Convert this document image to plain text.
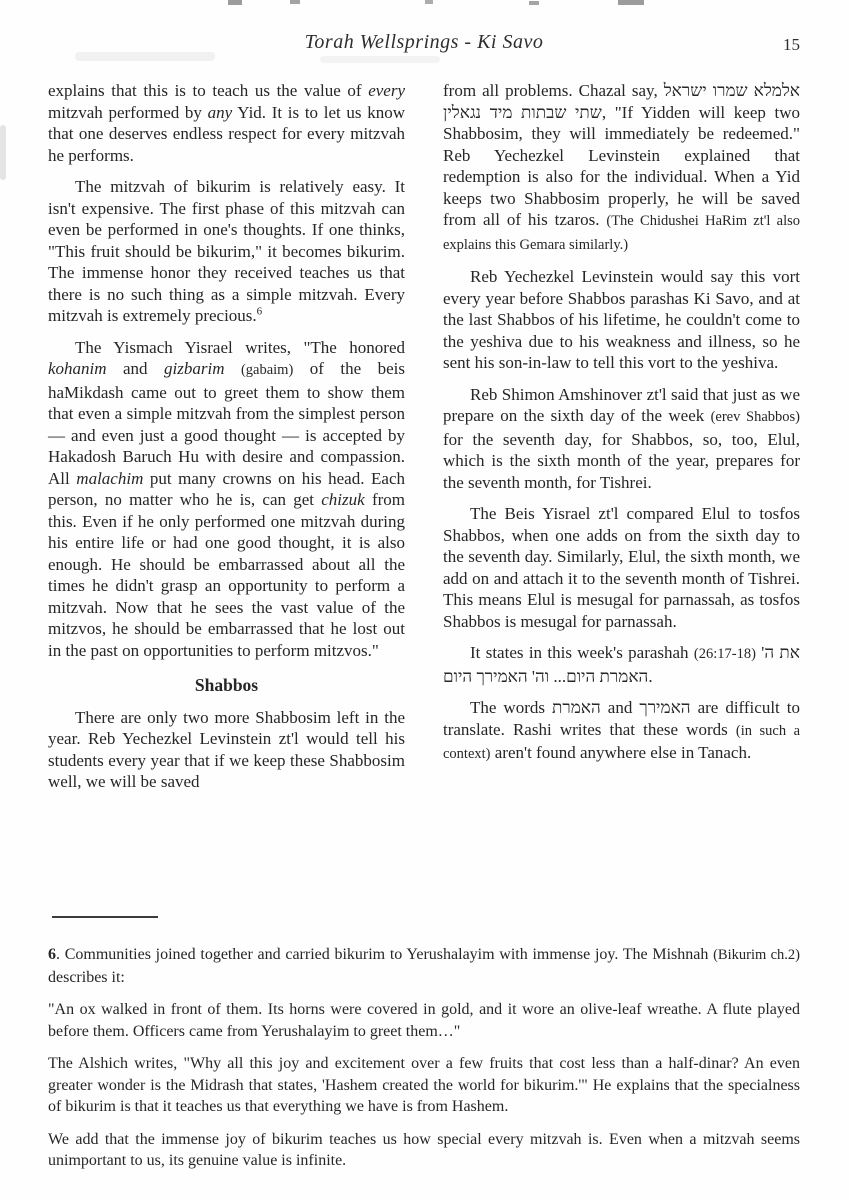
Torah Wellsprings - Ki Savo	15

explains that this is to teach us the value of every mitzvah performed by any Yid. It is to let us know that one deserves endless respect for every mitzvah he performs.

The mitzvah of bikurim is relatively easy. It isn't expensive. The first phase of this mitzvah can even be performed in one's thoughts. If one thinks, "This fruit should be bikurim," it becomes bikurim. The immense honor they received teaches us that there is no such thing as a simple mitzvah. Every mitzvah is extremely precious.$^6$

The Yismach Yisrael writes, "The honored kohanim and gizbarim (gabaim) of the beis haMikdash came out to greet them to show them that even a simple mitzvah from the simplest person — and even just a good thought — is accepted by Hakadosh Baruch Hu with desire and compassion. All malachim put many crowns on his head. Each person, no matter who he is, can get chizuk from this. Even if he only performed one mitzvah during his entire life or had one good thought, it is also enough. He should be embarrassed about all the times he didn't grasp an opportunity to perform a mitzvah. Now that he sees the vast value of the mitzvos, he should be embarrassed that he lost out in the past on opportunities to perform mitzvos."

Shabbos

There are only two more Shabbosim left in the year. Reb Yechezkel Levinstein zt'l would tell his students every year that if we keep these Shabbosim well, we will be saved

from all problems. Chazal say, אלמלא שמרו ישראל שתי שבתות מיד נגאלין, "If Yidden will keep two Shabbosim, they will immediately be redeemed." Reb Yechezkel Levinstein explained that redemption is also for the individual. When a Yid keeps two Shabbosim properly, he will be saved from all of his tzaros. (The Chidushei HaRim zt'l also explains this Gemara similarly.)

Reb Yechezkel Levinstein would say this vort every year before Shabbos parashas Ki Savo, and at the last Shabbos of his lifetime, he couldn't come to the yeshiva due to his weakness and illness, so he sent his son-in-law to tell this vort to the yeshiva.

Reb Shimon Amshinover zt'l said that just as we prepare on the sixth day of the week (erev Shabbos) for the seventh day, for Shabbos, so, too, Elul, which is the sixth month of the year, prepares for the seventh month, for Tishrei.

The Beis Yisrael zt'l compared Elul to tosfos Shabbos, when one adds on from the sixth day to the seventh day. Similarly, Elul, the sixth month, we add on and attach it to the seventh month of Tishrei. This means Elul is mesugal for parnassah, as tosfos Shabbos is mesugal for parnassah.

It states in this week's parashah (26:17-18) את ה' האמרת היום... וה' האמירך היום.

The words האמרת and האמירך are difficult to translate. Rashi writes that these words (in such a context) aren't found anywhere else in Tanach.

6. Communities joined together and carried bikurim to Yerushalayim with immense joy. The Mishnah (Bikurim ch.2) describes it:

"An ox walked in front of them. Its horns were covered in gold, and it wore an olive-leaf wreathe. A flute played before them. Officers came from Yerushalayim to greet them…"

The Alshich writes, "Why all this joy and excitement over a few fruits that cost less than a half-dinar? An even greater wonder is the Midrash that states, 'Hashem created the world for bikurim.'" He explains that the specialness of bikurim is that it teaches us that everything we have is from Hashem.

We add that the immense joy of bikurim teaches us how special every mitzvah is. Even when a mitzvah seems unimportant to us, its genuine value is infinite.
